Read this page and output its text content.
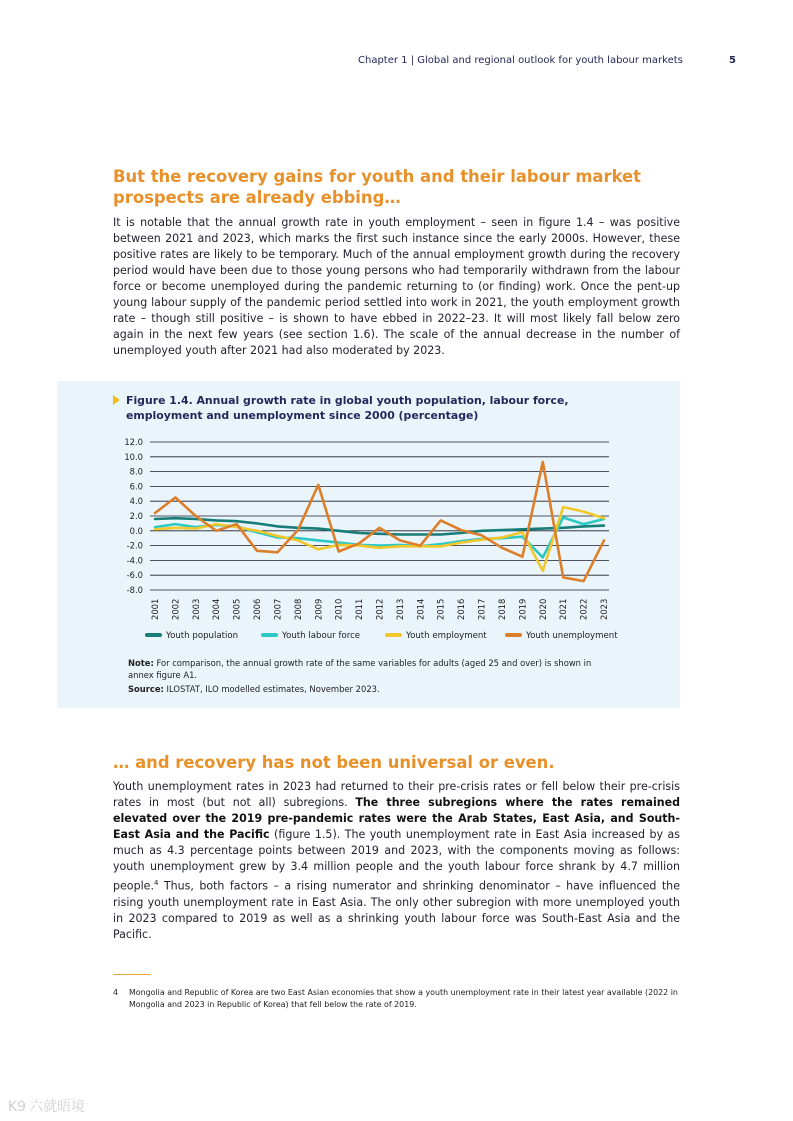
Chapter 1 | Global and regional outlook for youth labour markets	5
But the recovery gains for youth and their labour market prospects are already ebbing…

It is notable that the annual growth rate in youth employment – seen in figure 1.4 – was positive between 2021 and 2023, which marks the first such instance since the early 2000s. However, these positive rates are likely to be temporary. Much of the annual employment growth during the recovery period would have been due to those young persons who had temporarily withdrawn from the labour force or become unemployed during the pandemic returning to (or finding) work. Once the pent-up young labour supply of the pandemic period settled into work in 2021, the youth employment growth rate – though still positive – is shown to have ebbed in 2022–23. It will most likely fall below zero again in the next few years (see section 1.6). The scale of the annual decrease in the number of unemployed youth after 2021 had also moderated by 2023.

Figure 1.4. Annual growth rate in global youth population, labour force, employment and unemployment since 2000 (percentage)

12.0
10.0
8.0
6.0
4.0
2.0
0.0
-2.0
-4.0
-6.0
-8.0
2001 2002 2003 2004 2005 2006 2007 2008 2009 2010 2011 2012 2013 2014 2015 2016 2017 2018 2019 2020 2021 2022 2023
Youth population	Youth labour force	Youth employment	Youth unemployment

Note: For comparison, the annual growth rate of the same variables for adults (aged 25 and over) is shown in annex figure A1.

Source: ILOSTAT, ILO modelled estimates, November 2023.

… and recovery has not been universal or even.

Youth unemployment rates in 2023 had returned to their pre-crisis rates or fell below their pre-crisis rates in most (but not all) subregions. The three subregions where the rates remained elevated over the 2019 pre-pandemic rates were the Arab States, East Asia, and South-East Asia and the Pacific (figure 1.5). The youth unemployment rate in East Asia increased by as much as 4.3 percentage points between 2019 and 2023, with the components moving as follows: youth unemployment grew by 3.4 million people and the youth labour force shrank by 4.7 million people.$^4$ Thus, both factors – a rising numerator and shrinking denominator – have influenced the rising youth unemployment rate in East Asia. The only other subregion with more unemployed youth in 2023 compared to 2019 as well as a shrinking youth labour force was South-East Asia and the Pacific.

4 Mongolia and Republic of Korea are two East Asian economies that show a youth unemployment rate in their latest year available (2022 in Mongolia and 2023 in Republic of Korea) that fell below the rate of 2019.

K9 六就晤境
